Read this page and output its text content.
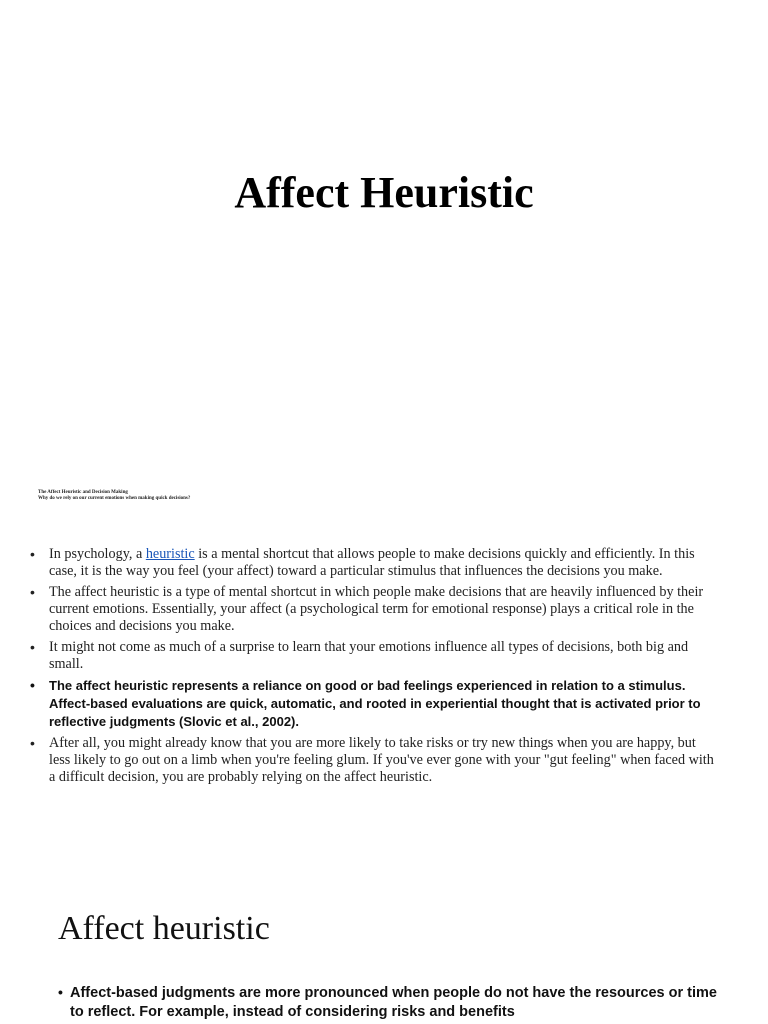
Affect Heuristic
The Affect Heuristic and Decision Making
Why do we rely on our current emotions when making quick decisions?
• In psychology, a heuristic is a mental shortcut that allows people to make decisions quickly and efficiently. In this case, it is the way you feel (your affect) toward a particular stimulus that influences the decisions you make.
• The affect heuristic is a type of mental shortcut in which people make decisions that are heavily influenced by their current emotions. Essentially, your affect (a psychological term for emotional response) plays a critical role in the choices and decisions you make.
• It might not come as much of a surprise to learn that your emotions influence all types of decisions, both big and small.
•	The affect heuristic represents a reliance on good or bad feelings experienced in relation to a stimulus. Affect-based evaluations are quick, automatic, and rooted in experiential thought that is activated prior to reflective judgments (Slovic et al., 2002).
• After all, you might already know that you are more likely to take risks or try new things when you are happy, but less likely to go out on a limb when you're feeling glum. If you've ever gone with your "gut feeling" when faced with a difficult decision, you are probably relying on the affect heuristic.
Affect heuristic
• Affect-based judgments are more pronounced when people do not have the resources or time to reflect. For example, instead of considering risks and benefits
